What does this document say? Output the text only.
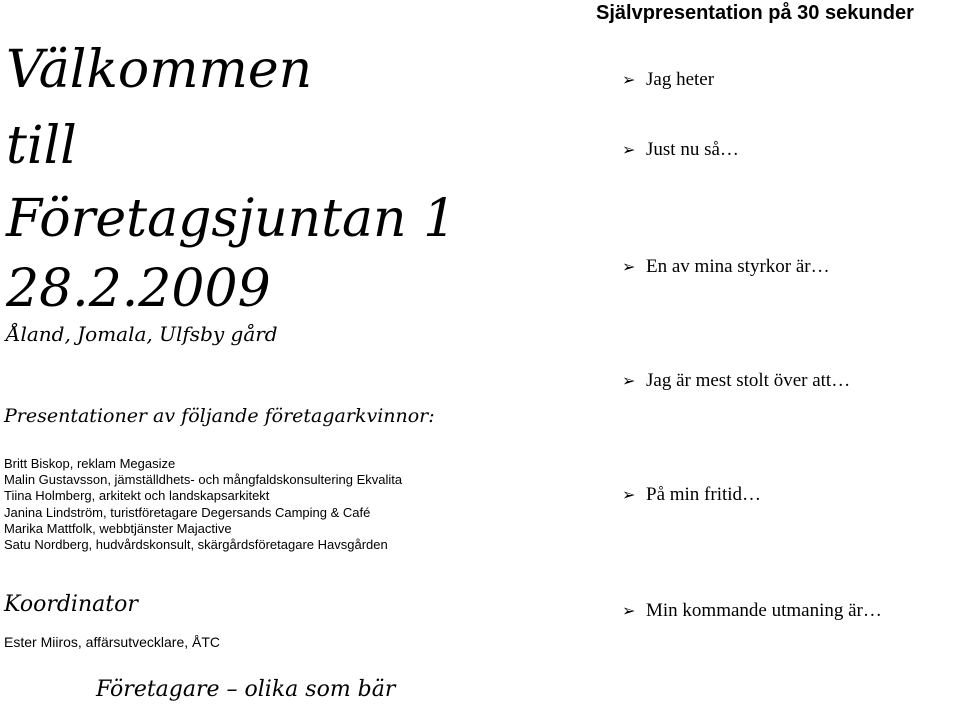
Självpresentation på 30 sekunder
Välkommen
till
Företagsjuntan 1
28.2.2009
Åland, Jomala, Ulfsby gård
Presentationer av följande företagarkvinnor:
Britt Biskop, reklam Megasize
Malin Gustavsson, jämställdhets- och mångfaldskonsultering Ekvalita
Tiina Holmberg, arkitekt och landskapsarkitekt
Janina Lindström, turistföretagare Degersands Camping & Café
Marika Mattfolk, webbtjänster Majactive
Satu Nordberg, hudvårdskonsult, skärgårdsföretagare Havsgården
Koordinator
Ester Miiros, affärsutvecklare, ÅTC
Företagare – olika som bär
➢ Jag heter
➢ Just nu så…
➢ En av mina styrkor är…
➢ Jag är mest stolt över att…
➢ På min fritid…
➢ Min kommande utmaning är…
